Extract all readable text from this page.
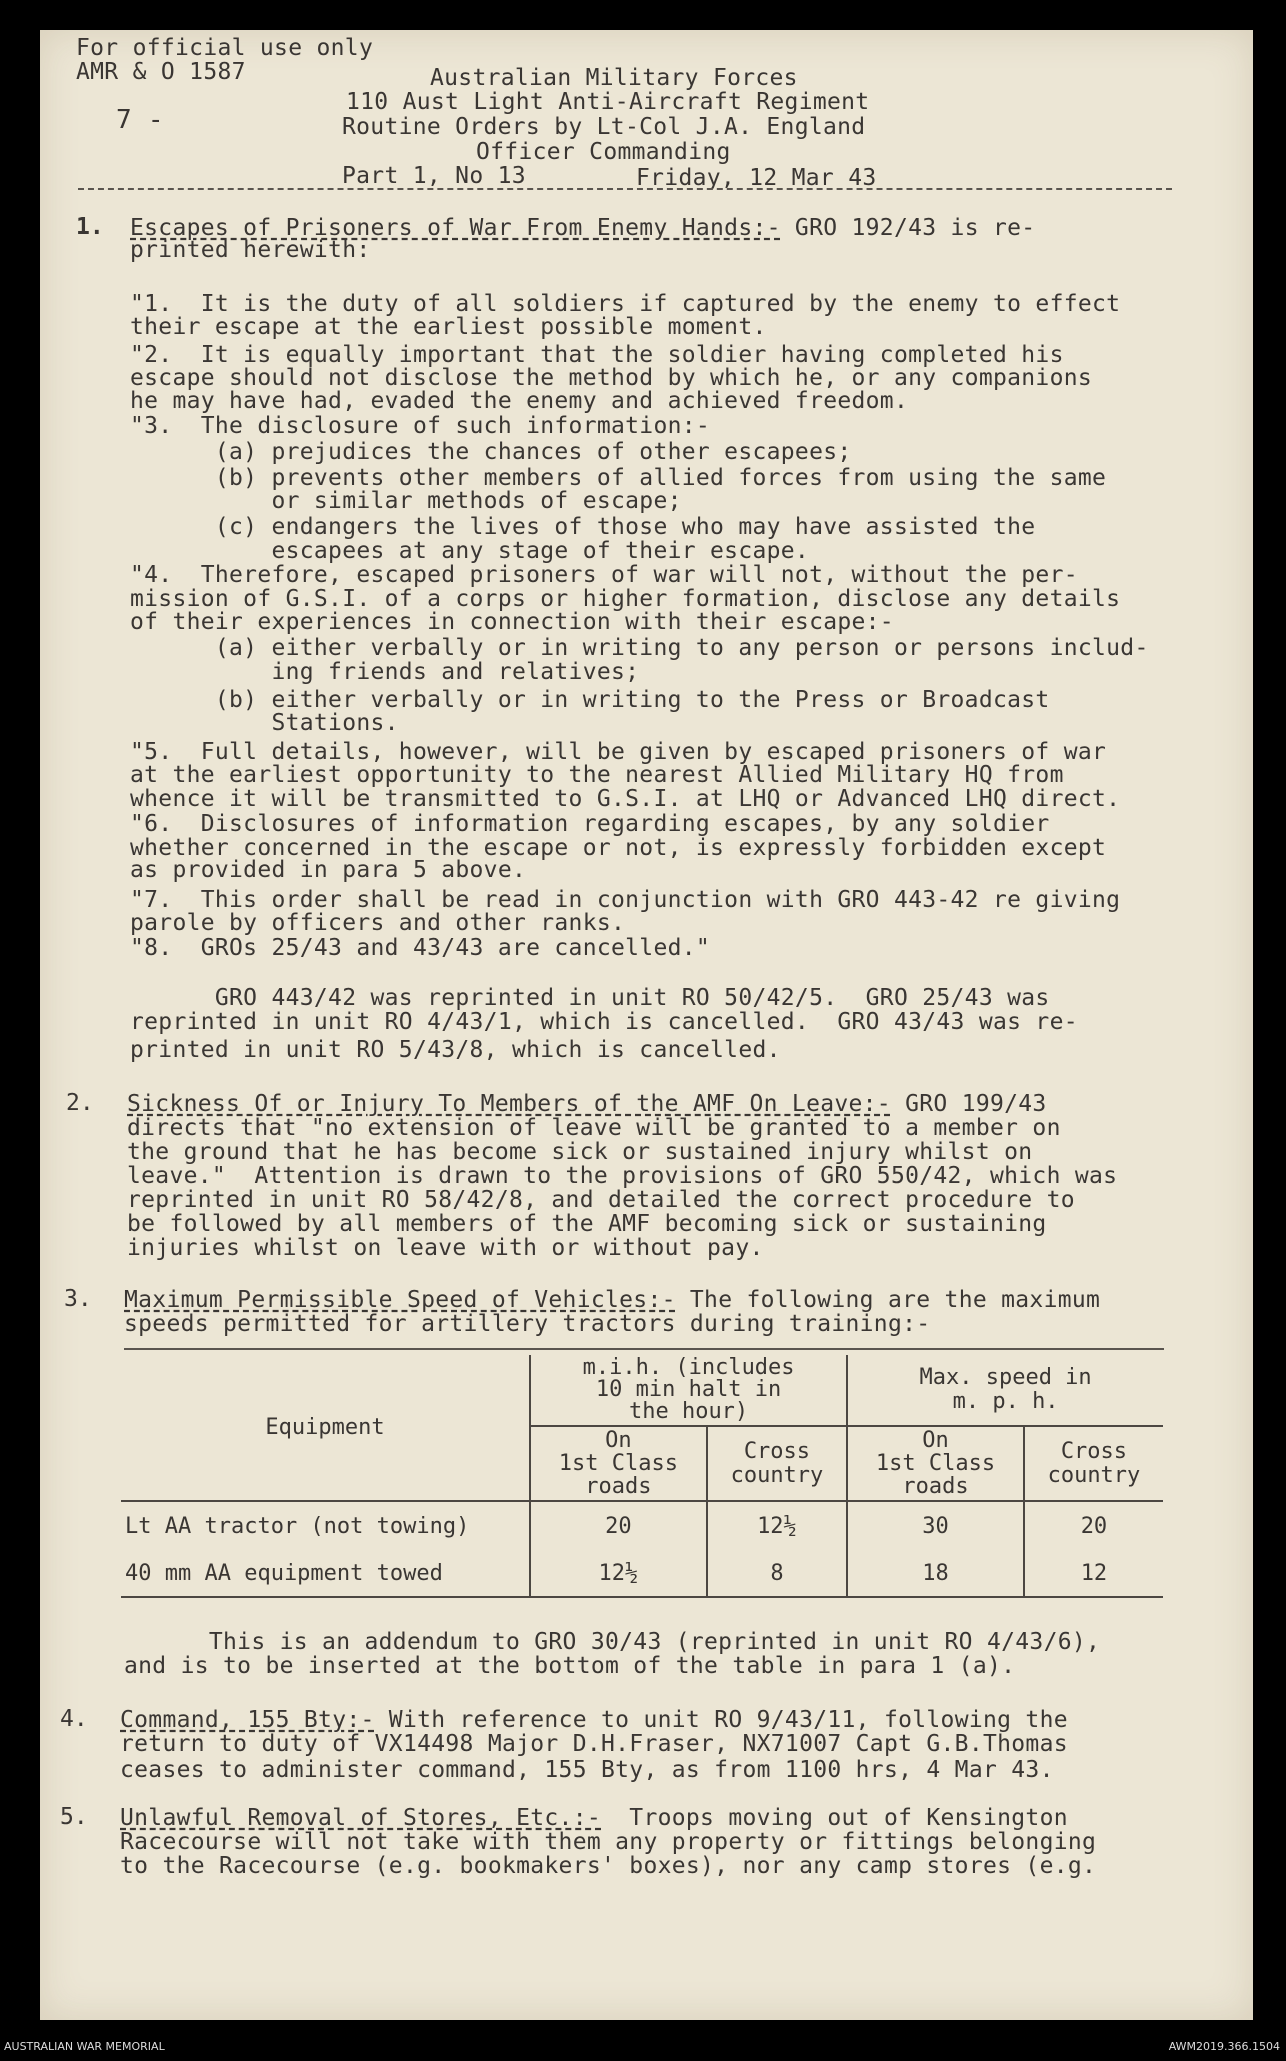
For official use only
AMR & O 1587
7 -
Australian Military Forces
110 Aust Light Anti-Aircraft Regiment
Routine Orders by Lt-Col J.A. England
Officer Commanding
Part 1, No 13	Friday, 12 Mar 43
1. Escapes of Prisoners of War From Enemy Hands:- GRO 192/43 is re-
printed herewith:
"1.  It is the duty of all soldiers if captured by the enemy to effect
their escape at the earliest possible moment.
"2.  It is equally important that the soldier having completed his
escape should not disclose the method by which he, or any companions
he may have had, evaded the enemy and achieved freedom.
"3.  The disclosure of such information:-
(a) prejudices the chances of other escapees;
(b) prevents other members of allied forces from using the same
or similar methods of escape;
(c) endangers the lives of those who may have assisted the
escapees at any stage of their escape.
"4.  Therefore, escaped prisoners of war will not, without the per-
mission of G.S.I. of a corps or higher formation, disclose any details
of their experiences in connection with their escape:-
(a) either verbally or in writing to any person or persons includ-
ing friends and relatives;
(b) either verbally or in writing to the Press or Broadcast
Stations.
"5.  Full details, however, will be given by escaped prisoners of war
at the earliest opportunity to the nearest Allied Military HQ from
whence it will be transmitted to G.S.I. at LHQ or Advanced LHQ direct.
"6.  Disclosures of information regarding escapes, by any soldier
whether concerned in the escape or not, is expressly forbidden except
as provided in para 5 above.
"7.  This order shall be read in conjunction with GRO 443-42 re giving
parole by officers and other ranks.
"8.  GROs 25/43 and 43/43 are cancelled."
GRO 443/42 was reprinted in unit RO 50/42/5.  GRO 25/43 was
reprinted in unit RO 4/43/1, which is cancelled.  GRO 43/43 was re-
printed in unit RO 5/43/8, which is cancelled.
2. Sickness Of or Injury To Members of the AMF On Leave:- GRO 199/43
directs that "no extension of leave will be granted to a member on
the ground that he has become sick or sustained injury whilst on
leave."  Attention is drawn to the provisions of GRO 550/42, which was
reprinted in unit RO 58/42/8, and detailed the correct procedure to
be followed by all members of the AMF becoming sick or sustaining
injuries whilst on leave with or without pay.
3. Maximum Permissible Speed of Vehicles:- The following are the maximum
speeds permitted for artillery tractors during training:-
Equipment	m.i.h. (includes
10 min halt in
the hour)		Max. speed in
m. p. h.	
	On
1st Class
roads	Cross
country	On
1st Class
roads	Cross
country
Lt AA tractor (not towing)	20	12½	30	20
40 mm AA equipment towed	12½	8	18	12
This is an addendum to GRO 30/43 (reprinted in unit RO 4/43/6),
and is to be inserted at the bottom of the table in para 1 (a).
4. Command, 155 Bty:- With reference to unit RO 9/43/11, following the
return to duty of VX14498 Major D.H.Fraser, NX71007 Capt G.B.Thomas
ceases to administer command, 155 Bty, as from 1100 hrs, 4 Mar 43.
5. Unlawful Removal of Stores, Etc.:-  Troops moving out of Kensington
Racecourse will not take with them any property or fittings belonging
to the Racecourse (e.g. bookmakers' boxes), nor any camp stores (e.g.
AUSTRALIAN WAR MEMORIAL	AWM2019.366.1504
